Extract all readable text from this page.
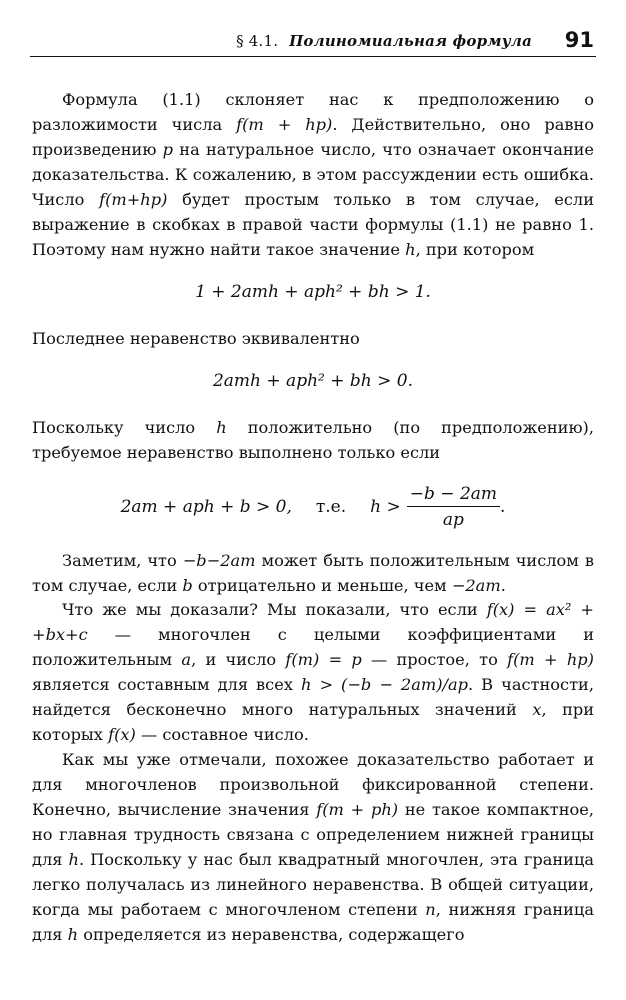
§ 4.1. Полиномиальная формула 91

Формула (1.1) склоняет нас к предположению о разложимости числа f(m + hp). Действительно, оно равно произведению p на натуральное число, что означает окончание доказательства. К сожалению, в этом рассуждении есть ошибка. Число f(m+hp) будет простым только в том случае, если выражение в скобках в правой части формулы (1.1) не равно 1. Поэтому нам нужно найти такое значение h, при котором

1 + 2amh + aph² + bh > 1.

Последнее неравенство эквивалентно

2amh + aph² + bh > 0.

Поскольку число h положительно (по предположению), требуемое неравенство выполнено только если

2am + aph + b > 0, т.е. $h > \frac{-b - 2am}{ap}$ .

Заметим, что −b−2am может быть положительным числом в том случае, если b отрицательно и меньше, чем −2am.

Что же мы доказали? Мы показали, что если f(x) = ax² + +bx+c — многочлен с целыми коэффициентами и положительным a, и число f(m) = p — простое, то f(m + hp) является составным для всех h > (−b − 2am)/ap. В частности, найдется бесконечно много натуральных значений x, при которых f(x) — составное число.

Как мы уже отмечали, похожее доказательство работает и для многочленов произвольной фиксированной степени. Конечно, вычисление значения f(m + ph) не такое компактное, но главная трудность связана с определением нижней границы для h. Поскольку у нас был квадратный многочлен, эта граница легко получалась из линейного неравенства. В общей ситуации, когда мы работаем с многочленом степени n, нижняя граница для h определяется из неравенства, содержащего
